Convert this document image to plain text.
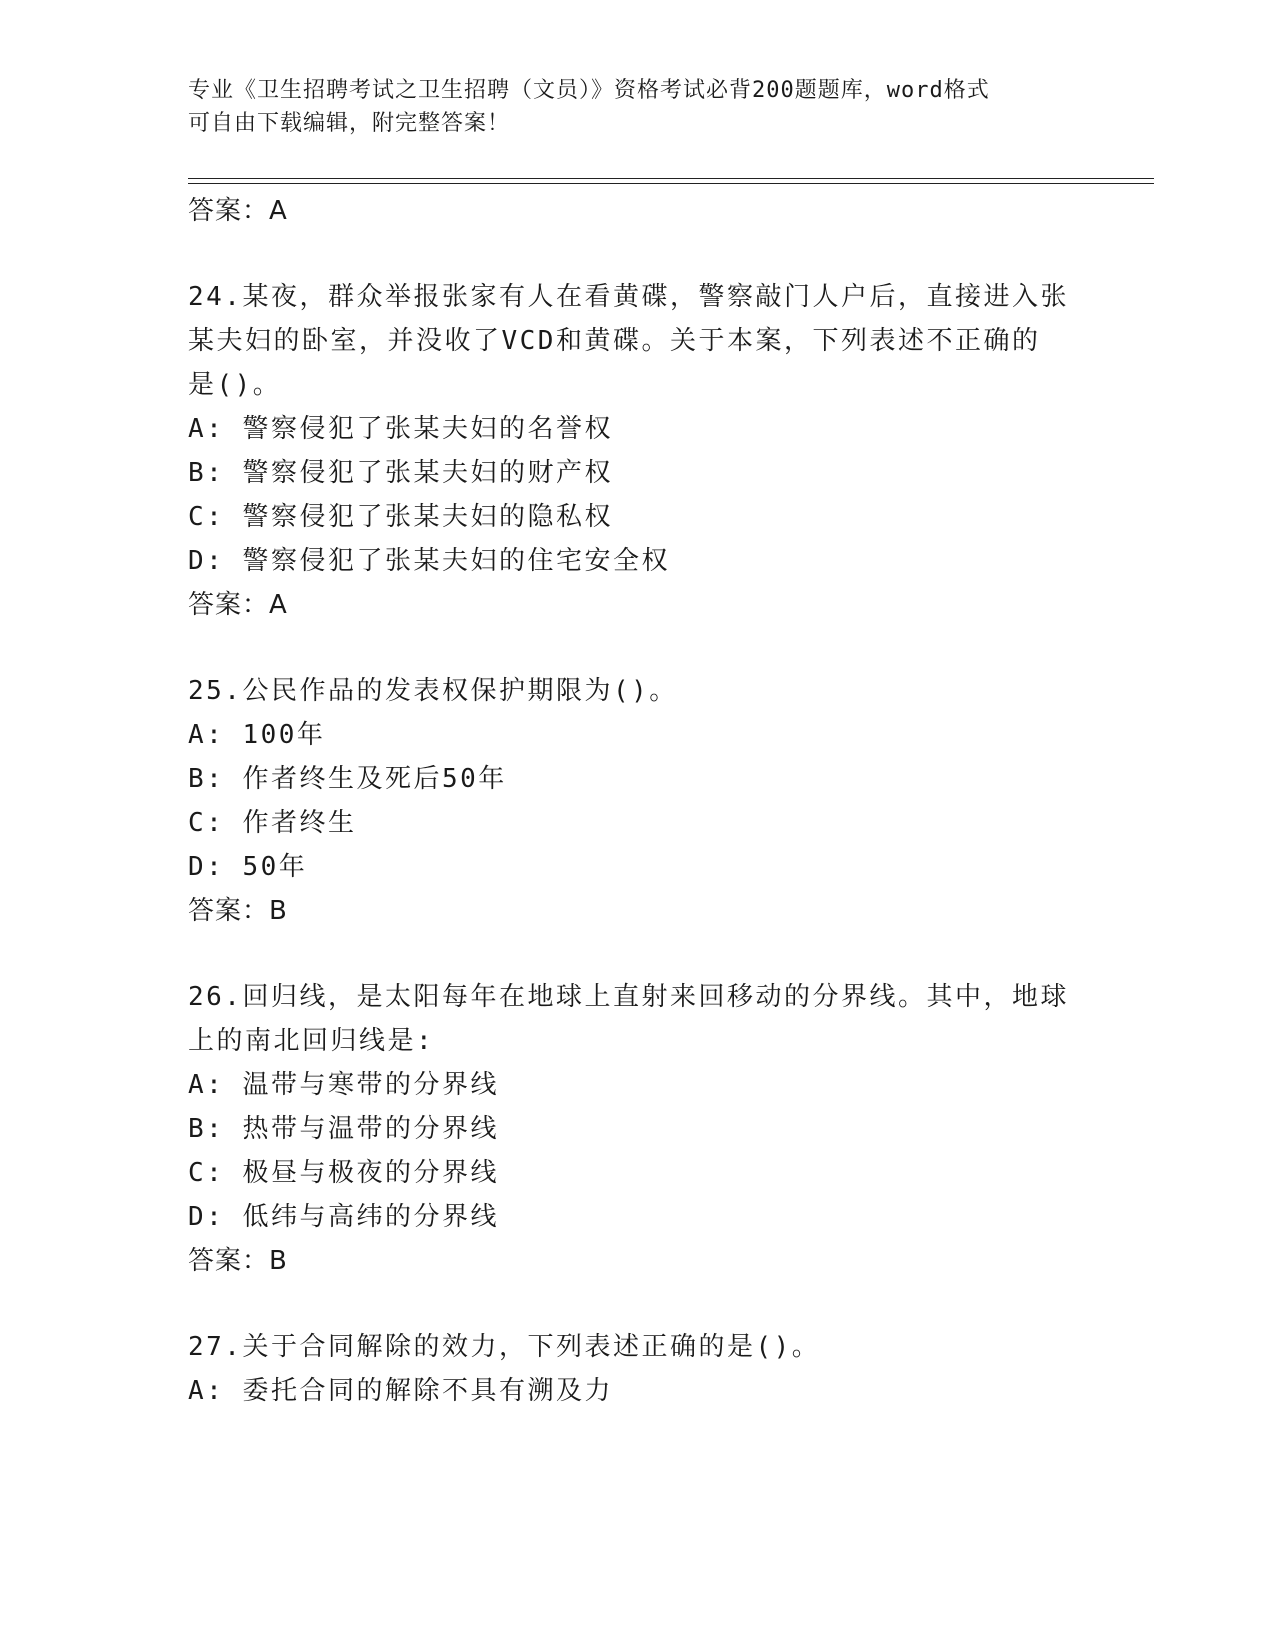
专业《卫生招聘考试之卫生招聘（文员）》资格考试必背200题题库，word格式
可自由下载编辑，附完整答案！
答案：A
24.某夜，群众举报张家有人在看黄碟，警察敲门人户后，直接进入张
某夫妇的卧室，并没收了VCD和黄碟。关于本案，下列表述不正确的
是()。
A: 警察侵犯了张某夫妇的名誉权
B: 警察侵犯了张某夫妇的财产权
C: 警察侵犯了张某夫妇的隐私权
D: 警察侵犯了张某夫妇的住宅安全权
答案：A
25.公民作品的发表权保护期限为()。
A: 100年
B: 作者终生及死后50年
C: 作者终生
D: 50年
答案：B
26.回归线，是太阳每年在地球上直射来回移动的分界线。其中，地球
上的南北回归线是:
A: 温带与寒带的分界线
B: 热带与温带的分界线
C: 极昼与极夜的分界线
D: 低纬与高纬的分界线
答案：B
27.关于合同解除的效力，下列表述正确的是()。
A: 委托合同的解除不具有溯及力
